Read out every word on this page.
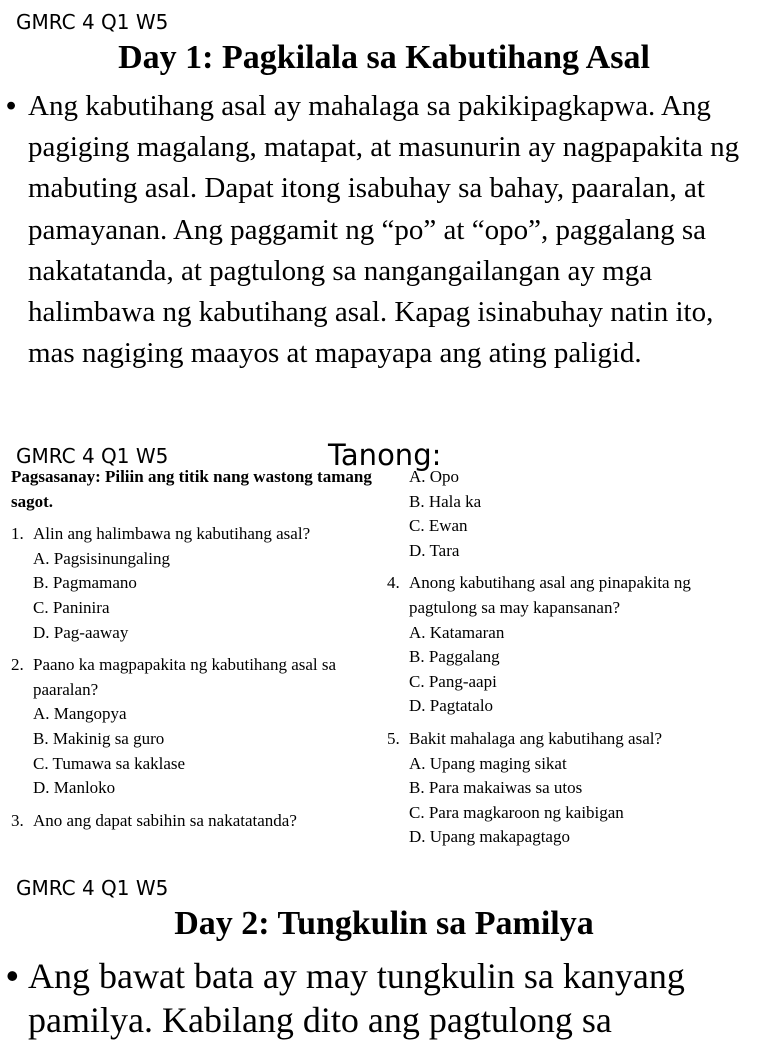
GMRC 4 Q1 W5
Day 1: Pagkilala sa Kabutihang Asal
• Ang kabutihang asal ay mahalaga sa pakikipagkapwa. Ang pagiging magalang, matapat, at masunurin ay nagpapakita ng mabuting asal. Dapat itong isabuhay sa bahay, paaralan, at pamayanan. Ang paggamit ng “po” at “opo”, paggalang sa nakatatanda, at pagtulong sa nangangailangan ay mga halimbawa ng kabutihang asal. Kapag isinabuhay natin ito, mas nagiging maayos at mapayapa ang ating paligid.
GMRC 4 Q1 W5	Tanong:
Pagsasanay: Piliin ang titik nang wastong tamang sagot.
1. Alin ang halimbawa ng kabutihang asal?
A. Pagsisinungaling
B. Pagmamano
C. Paninira
D. Pag-aaway
2. Paano ka magpapakita ng kabutihang asal sa paaralan?
A. Mangopya
B. Makinig sa guro
C. Tumawa sa kaklase
D. Manloko
3. Ano ang dapat sabihin sa nakatatanda?
A. Opo
B. Hala ka
C. Ewan
D. Tara
4. Anong kabutihang asal ang pinapakita ng pagtulong sa may kapansanan?
A. Katamaran
B. Paggalang
C. Pang-aapi
D. Pagtatalo
5. Bakit mahalaga ang kabutihang asal?
A. Upang maging sikat
B. Para makaiwas sa utos
C. Para magkaroon ng kaibigan
D. Upang makapagtago
GMRC 4 Q1 W5
Day 2: Tungkulin sa Pamilya
• Ang bawat bata ay may tungkulin sa kanyang pamilya. Kabilang dito ang pagtulong sa
